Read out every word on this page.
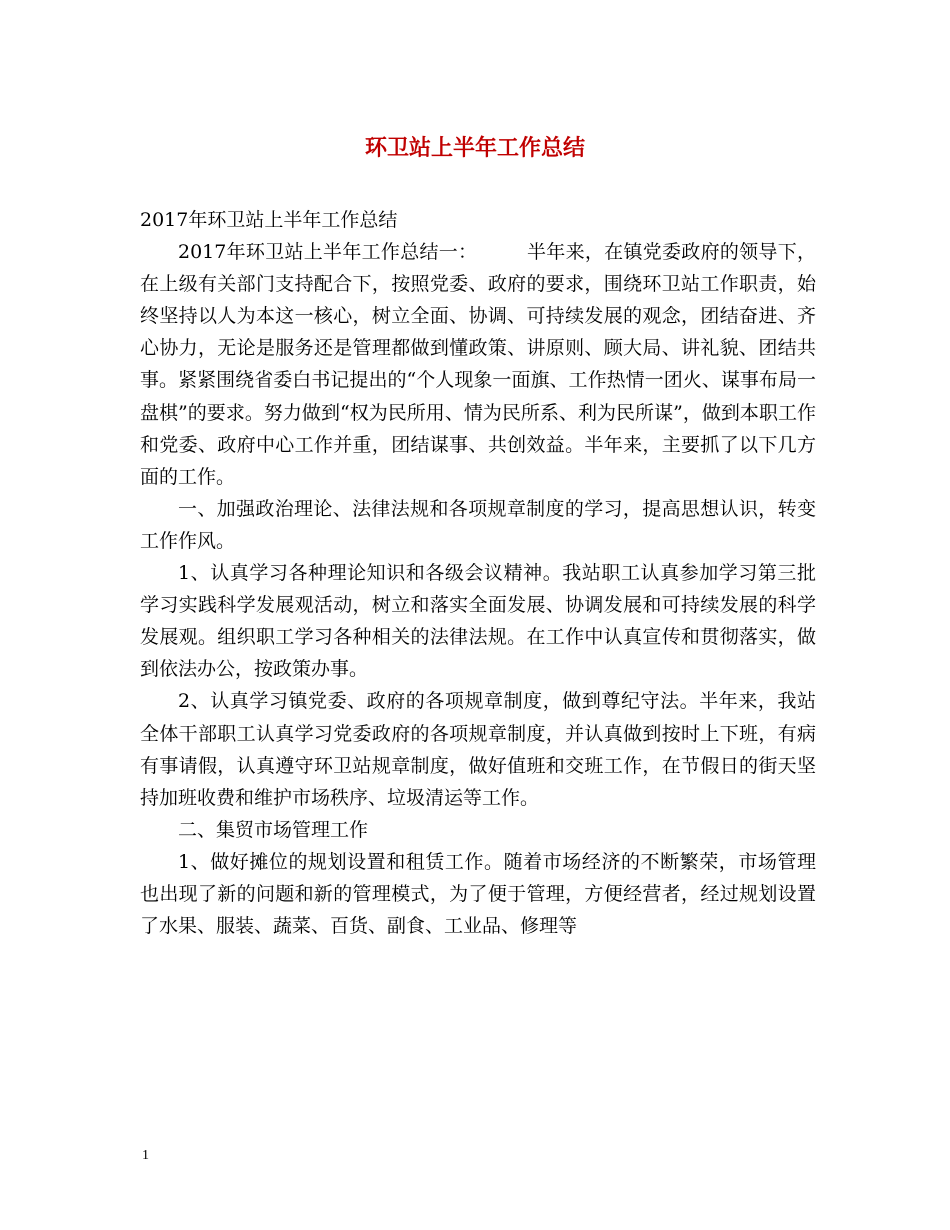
环卫站上半年工作总结

2017年环卫站上半年工作总结

2017年环卫站上半年工作总结一：	半年来，在镇党委政府的领导下，在上级有关部门支持配合下，按照党委、政府的要求，围绕环卫站工作职责，始终坚持以人为本这一核心，树立全面、协调、可持续发展的观念，团结奋进、齐心协力，无论是服务还是管理都做到懂政策、讲原则、顾大局、讲礼貌、团结共事。紧紧围绕省委白书记提出的“个人现象一面旗、工作热情一团火、谋事布局一盘棋”的要求。努力做到“权为民所用、情为民所系、利为民所谋”，做到本职工作和党委、政府中心工作并重，团结谋事、共创效益。半年来，主要抓了以下几方面的工作。

一、加强政治理论、法律法规和各项规章制度的学习，提高思想认识，转变工作作风。

1、认真学习各种理论知识和各级会议精神。我站职工认真参加学习第三批学习实践科学发展观活动，树立和落实全面发展、协调发展和可持续发展的科学发展观。组织职工学习各种相关的法律法规。在工作中认真宣传和贯彻落实，做到依法办公，按政策办事。

2、认真学习镇党委、政府的各项规章制度，做到尊纪守法。半年来，我站全体干部职工认真学习党委政府的各项规章制度，并认真做到按时上下班，有病有事请假，认真遵守环卫站规章制度，做好值班和交班工作，在节假日的街天坚持加班收费和维护市场秩序、垃圾清运等工作。

二、集贸市场管理工作

1、做好摊位的规划设置和租赁工作。随着市场经济的不断繁荣，市场管理也出现了新的问题和新的管理模式，为了便于管理，方便经营者，经过规划设置了水果、服装、蔬菜、百货、副食、工业品、修理等

1
